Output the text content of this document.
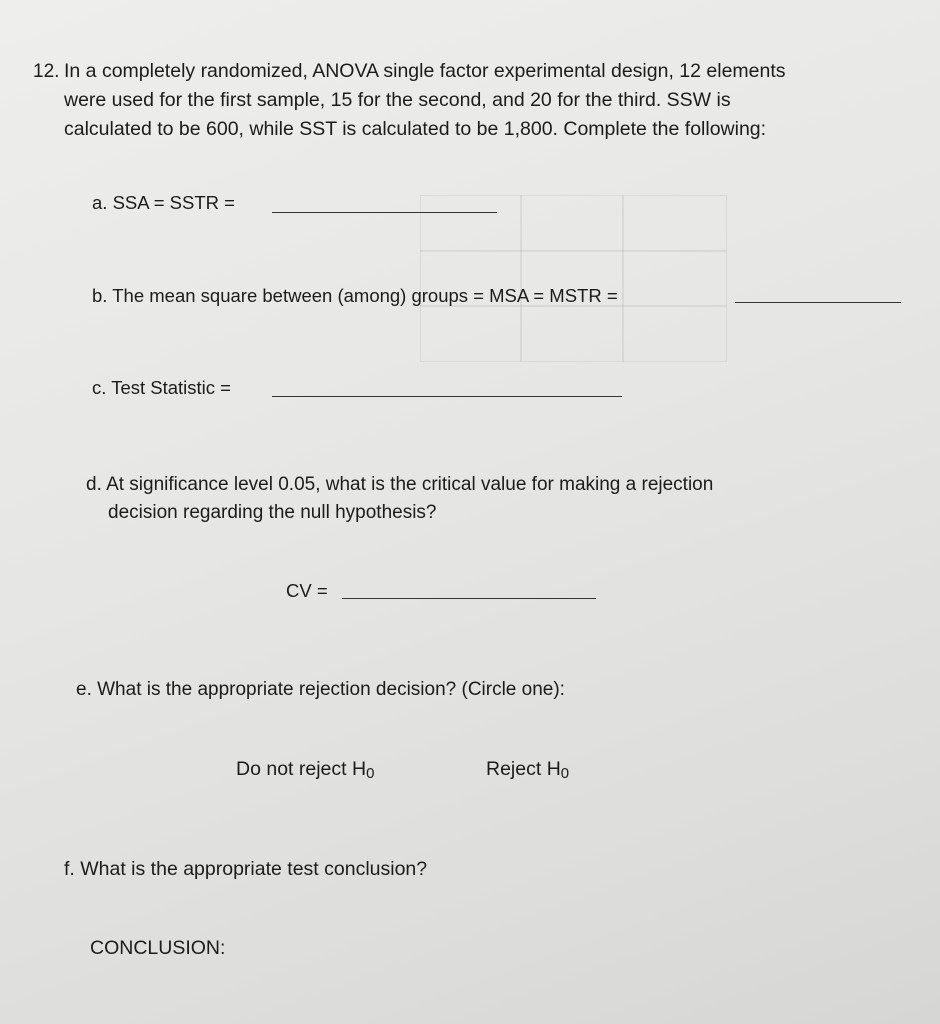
12. In a completely randomized, ANOVA single factor experimental design, 12 elements
were used for the first sample, 15 for the second, and 20 for the third. SSW is
calculated to be 600, while SST is calculated to be 1,800. Complete the following:
a. SSA = SSTR =
b. The mean square between (among) groups = MSA = MSTR =
c. Test Statistic =
d. At significance level 0.05, what is the critical value for making a rejection
decision regarding the null hypothesis?
CV =
e. What is the appropriate rejection decision? (Circle one):
Do not reject H0	Reject H0
f. What is the appropriate test conclusion?
CONCLUSION:
